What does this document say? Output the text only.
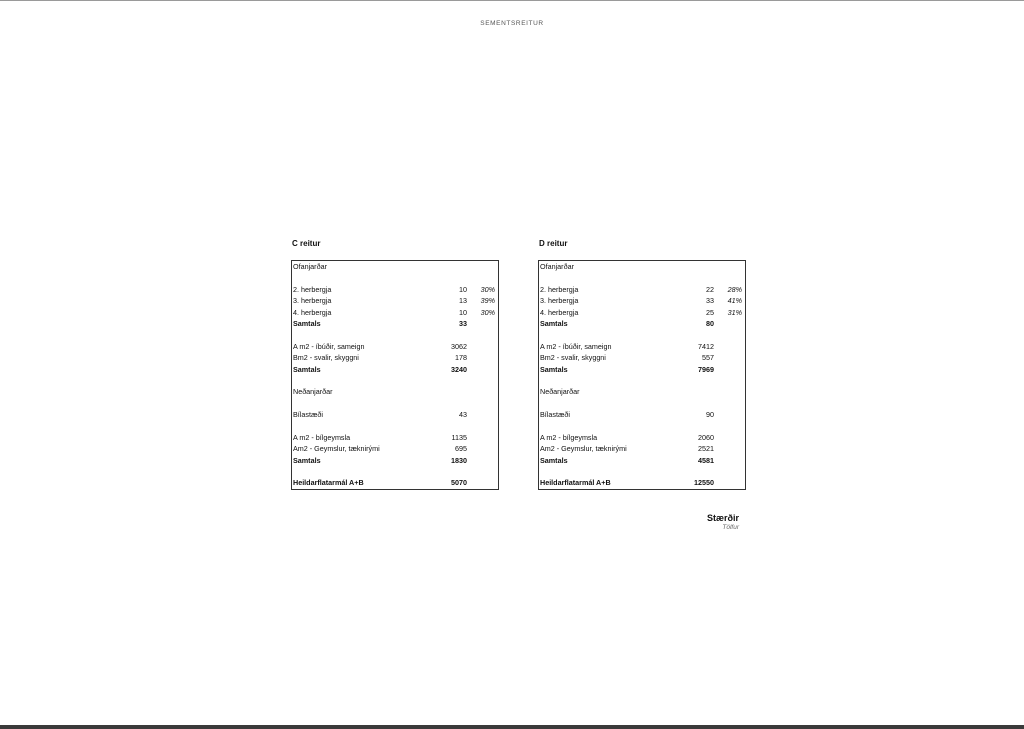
SEMENTSREITUR
C reitur
Ofanjarðar
2. herbergja	10 30%
3. herbergja	13 39%
4. herbergja	10 30%
Samtals	33
A m2 - íbúðir, sameign	3062
Bm2 - svalir, skyggni	178
Samtals	3240
Neðanjarðar
Bílastæði	43
A m2 - bílgeymsla	1135
Am2 - Geymslur, tæknirými	695
Samtals	1830
Heildarflatarmál A+B	5070
D reitur
Ofanjarðar
2. herbergja	22 28%
3. herbergja	33 41%
4. herbergja	25 31%
Samtals	80
A m2 - íbúðir, sameign	7412
Bm2 - svalir, skyggni	557
Samtals	7969
Neðanjarðar
Bílastæði	90
A m2 - bílgeymsla	2060
Am2 - Geymslur, tæknirými	2521
Samtals	4581
Heildarflatarmál A+B	12550
Stærðir
Tölfur
